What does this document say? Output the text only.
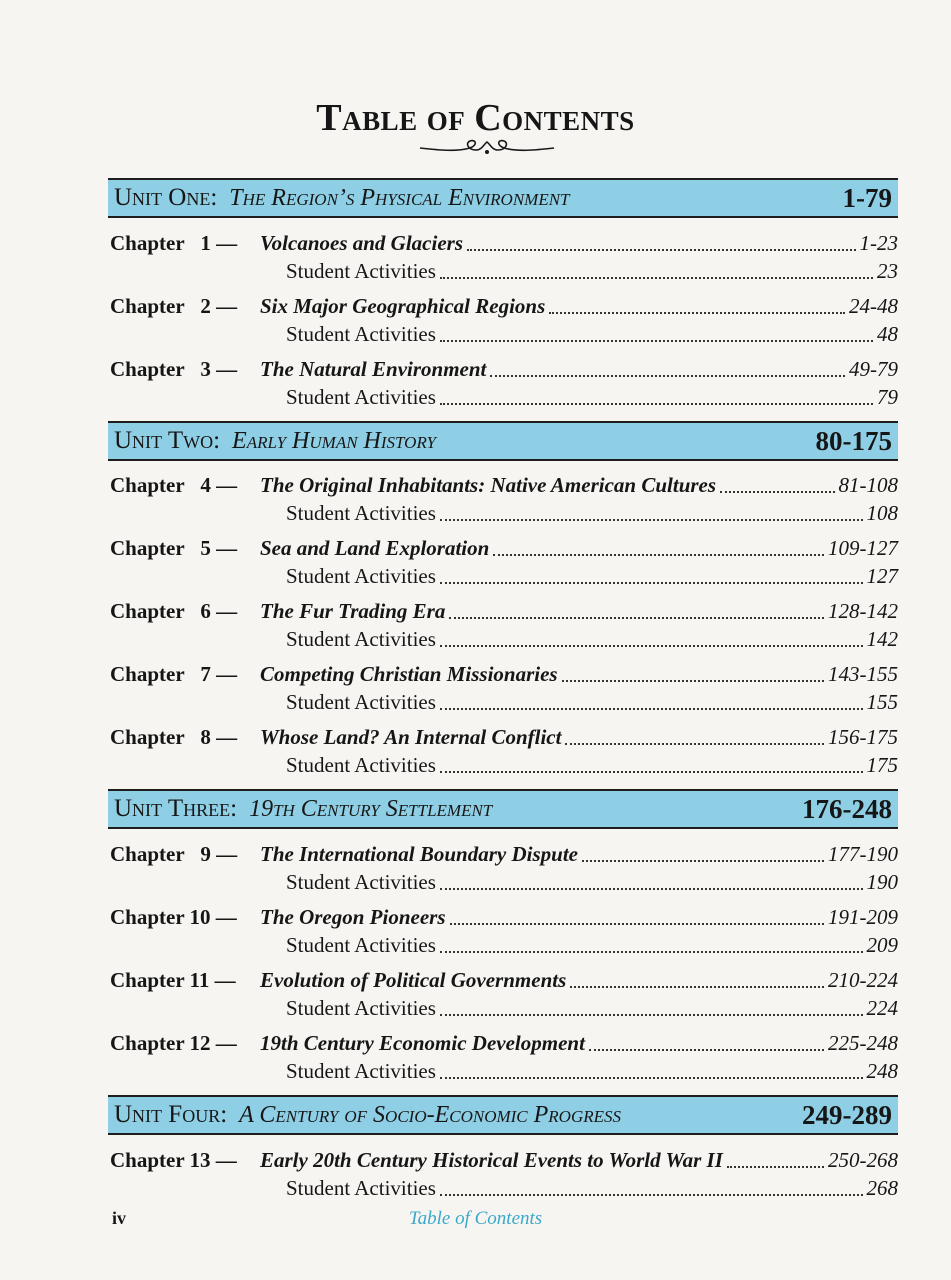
TABLE OF CONTENTS
Unit One: The Region’s Physical Environment	1-79
Chapter 1 —	Volcanoes and Glaciers	1-23
Student Activities	23
Chapter 2 —	Six Major Geographical Regions	24-48
Student Activities	48
Chapter 3 —	The Natural Environment	49-79
Student Activities	79
Unit Two: Early Human History	80-175
Chapter 4 —	The Original Inhabitants: Native American Cultures	81-108
Student Activities	108
Chapter 5 —	Sea and Land Exploration	109-127
Student Activities	127
Chapter 6 —	The Fur Trading Era	128-142
Student Activities	142
Chapter 7 —	Competing Christian Missionaries	143-155
Student Activities	155
Chapter 8 —	Whose Land? An Internal Conflict	156-175
Student Activities	175
Unit Three: 19th Century Settlement	176-248
Chapter 9 —	The International Boundary Dispute	177-190
Student Activities	190
Chapter 10 —	The Oregon Pioneers	191-209
Student Activities	209
Chapter 11 —	Evolution of Political Governments	210-224
Student Activities	224
Chapter 12 —	19th Century Economic Development	225-248
Student Activities	248
Unit Four: A Century of Socio-Economic Progress	249-289
Chapter 13 —	Early 20th Century Historical Events to World War II	250-268
Student Activities	268
iv	Table of Contents
